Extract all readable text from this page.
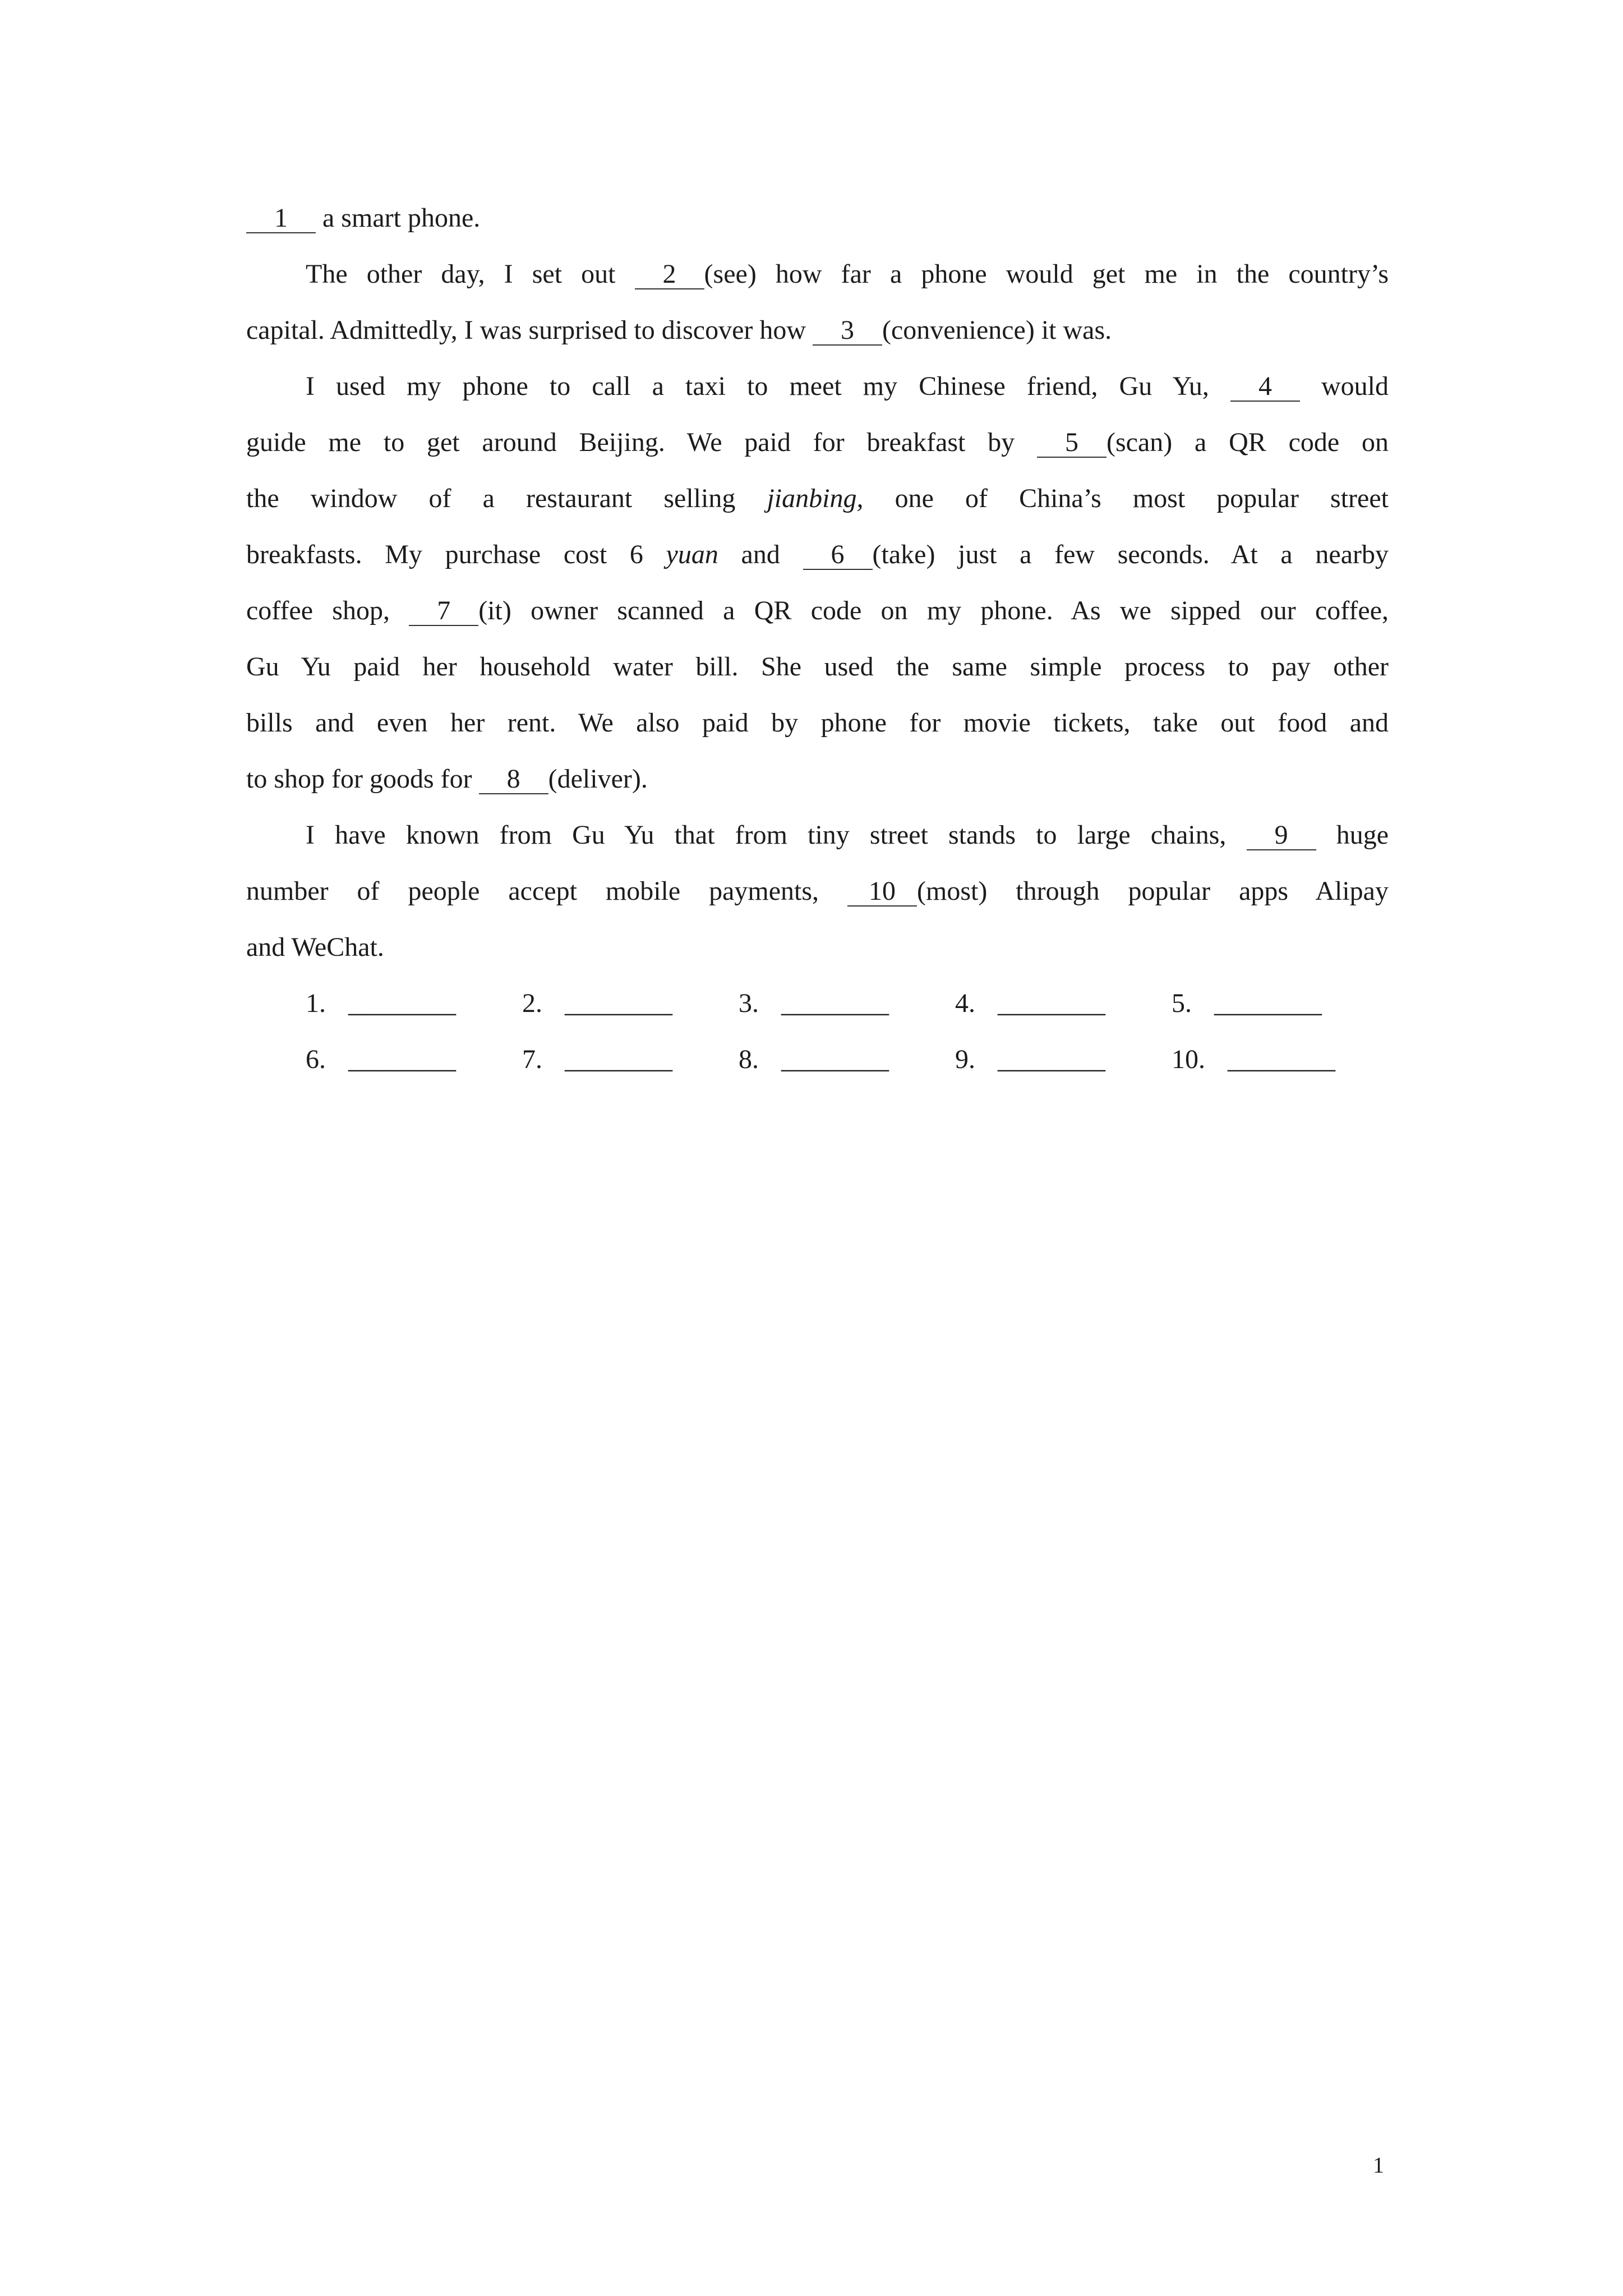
1 a smart phone.
The other day, I set out 2 (see) how far a phone would get me in the country’s
capital. Admittedly, I was surprised to discover how 3 (convenience) it was.
I used my phone to call a taxi to meet my Chinese friend, Gu Yu, 4 would
guide me to get around Beijing. We paid for breakfast by 5 (scan) a QR code on
the window of a restaurant selling jianbing, one of China’s most popular street
breakfasts. My purchase cost 6 yuan and 6 (take) just a few seconds. At a nearby
coffee shop, 7 (it) owner scanned a QR code on my phone. As we sipped our coffee,
Gu Yu paid her household water bill. She used the same simple process to pay other
bills and even her rent. We also paid by phone for movie tickets, take out food and
to shop for goods for 8 (deliver).
I have known from Gu Yu that from tiny street stands to large chains, 9 huge
number of people accept mobile payments, 10 (most) through popular apps Alipay
and WeChat.
1. ________	2. ________	3. ________	4. ________	5. ________
6. ________	7. ________	8. ________	9. ________	10. ________
1
